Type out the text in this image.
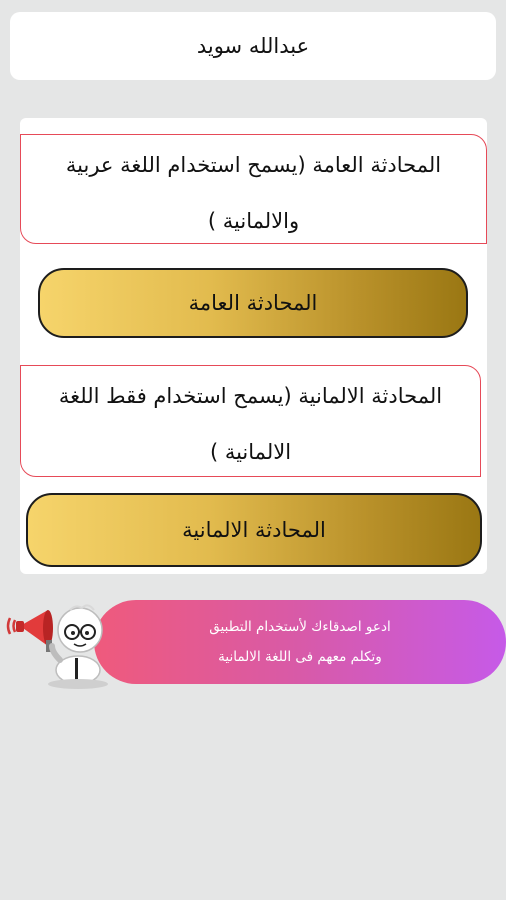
عبدالله سويد
المحادثة العامة (يسمح استخدام اللغة عربية والالمانية )
المحادثة العامة
المحادثة الالمانية (يسمح استخدام فقط اللغة الالمانية )
المحادثة الالمانية
ادعو اصدقاءك لأستخدام التطبيق
وتكلم معهم فى اللغة الالمانية
